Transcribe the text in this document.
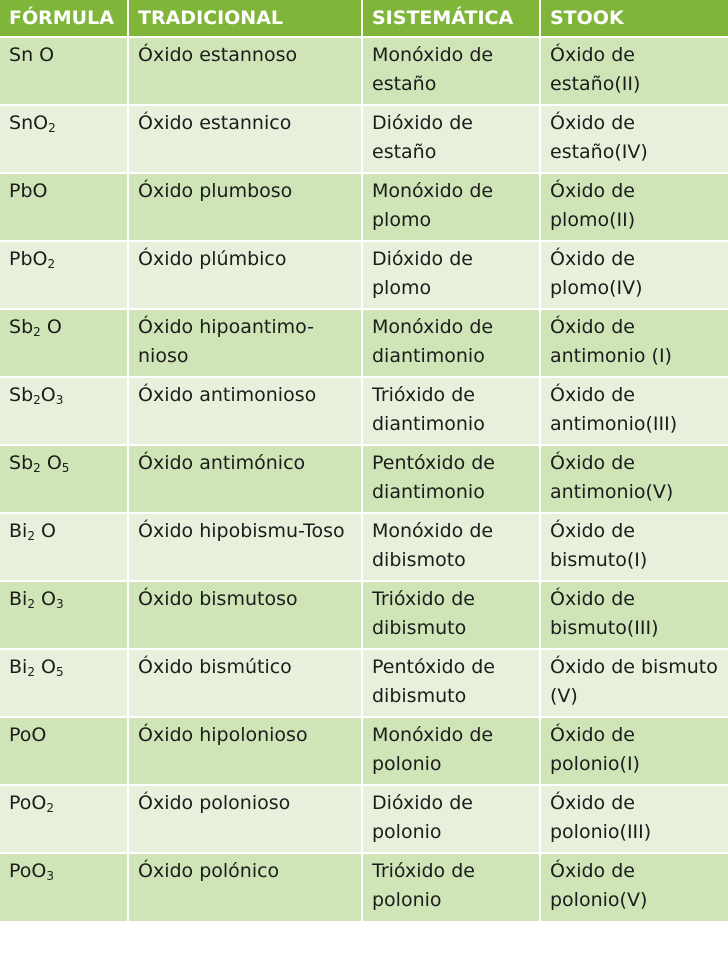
FÓRMULA	TRADICIONAL	SISTEMÁTICA	STOOK
Sn O	Óxido estannoso	Monóxido de estaño	Óxido de estaño(II)
SnO$_2$	Óxido estannico	Dióxido de estaño	Óxido de estaño(IV)
PbO	Óxido plumboso	Monóxido de plomo	Óxido de plomo(II)
PbO$_2$	Óxido plúmbico	Dióxido de plomo	Óxido de plomo(IV)
$Sb_2$ O	Óxido hipoantimo-nioso	Monóxido de diantimonio	Óxido de antimonio (I)
$Sb_2O_3$	Óxido antimonioso	Trióxido de diantimonio	Óxido de antimonio(III)
$Sb_2$ $O_5$	Óxido antimónico	Pentóxido de diantimonio	Óxido de antimonio(V)
$Bi_2$ O	Óxido hipobismu-Toso	Monóxido de dibismoto	Óxido de bismuto(I)
$Bi_2$ $O_3$	Óxido bismutoso	Trióxido de dibismuto	Óxido de bismuto(III)
$Bi_2$ $O_5$	Óxido bismútico	Pentóxido de dibismuto	Óxido de bismuto (V)
PoO	Óxido hipolonioso	Monóxido de polonio	Óxido de polonio(I)
PoO$_2$	Óxido polonioso	Dióxido de polonio	Óxido de polonio(III)
PoO$_3$	Óxido polónico	Trióxido de polonio	Óxido de polonio(V)
